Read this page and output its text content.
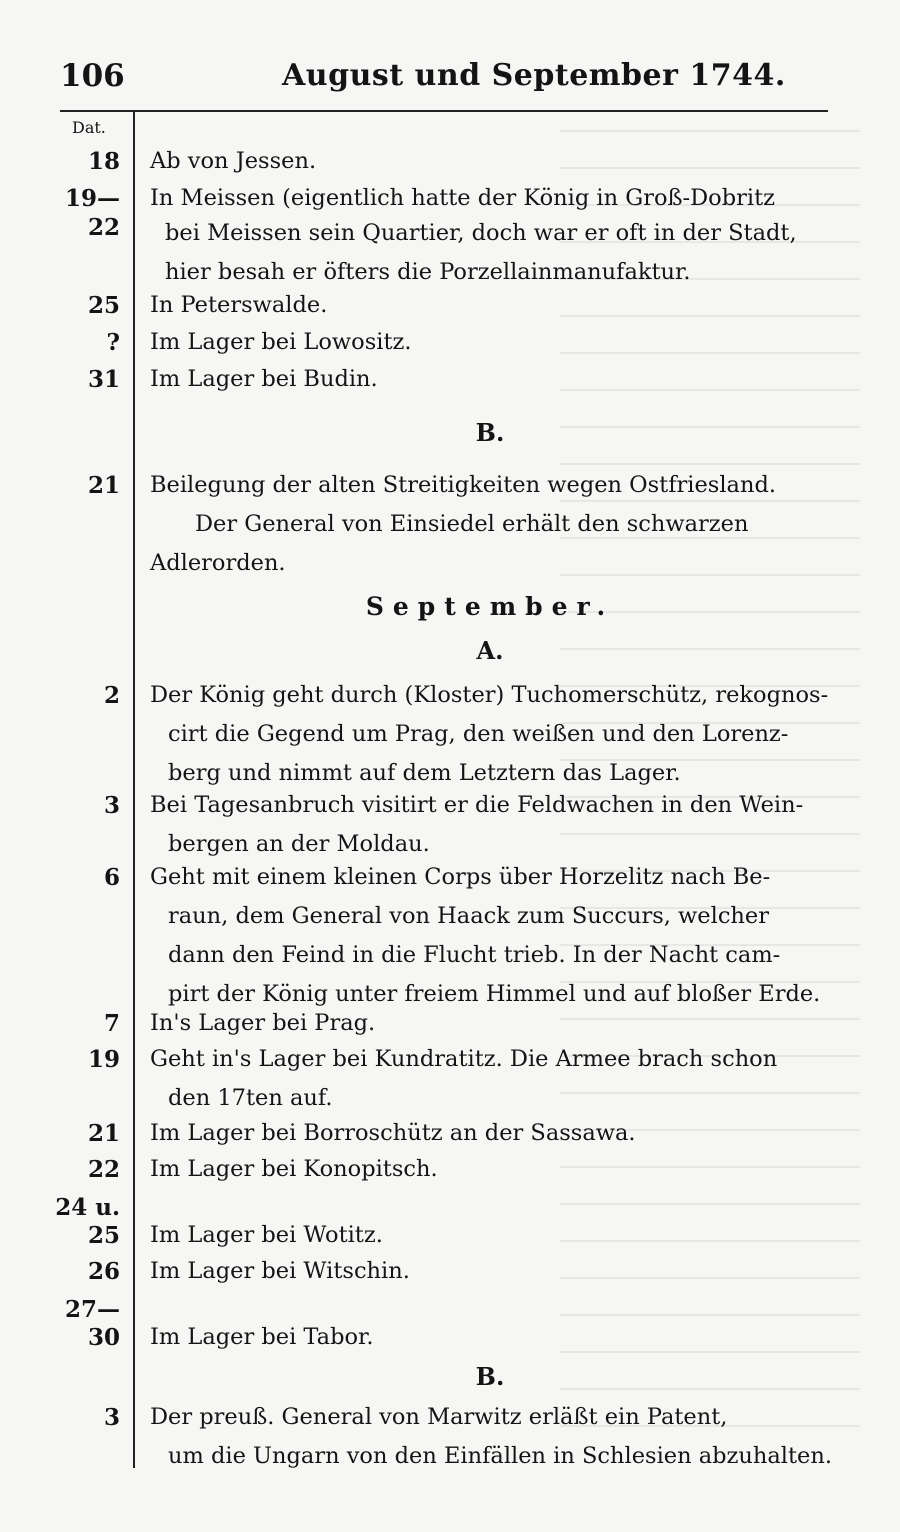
106	August und September 1744.
Dat.
18 Ab von Jessen.
19— In Meissen (eigentlich hatte der König in Groß-Dobritz
22 bei Meissen sein Quartier, doch war er oft in der Stadt,
hier besah er öfters die Porzellainmanufaktur.
25 In Peterswalde.
? Im Lager bei Lowositz.
31 Im Lager bei Budin.
B.
21 Beilegung der alten Streitigkeiten wegen Ostfriesland.
Der General von Einsiedel erhält den schwarzen
Adlerorden.
September.
A.
2 Der König geht durch (Kloster) Tuchomerschütz, rekognos-
cirt die Gegend um Prag, den weißen und den Lorenz-
berg und nimmt auf dem Letztern das Lager.
3 Bei Tagesanbruch visitirt er die Feldwachen in den Wein-
bergen an der Moldau.
6 Geht mit einem kleinen Corps über Horzelitz nach Be-
raun, dem General von Haack zum Succurs, welcher
dann den Feind in die Flucht trieb. In der Nacht cam-
pirt der König unter freiem Himmel und auf bloßer Erde.
7 In's Lager bei Prag.
19 Geht in's Lager bei Kundratitz. Die Armee brach schon
den 17ten auf.
21 Im Lager bei Borroschütz an der Sassawa.
22 Im Lager bei Konopitsch.
24 u.
25 Im Lager bei Wotitz.
26 Im Lager bei Witschin.
27—
30 Im Lager bei Tabor.
B.
3 Der preuß. General von Marwitz erläßt ein Patent,
um die Ungarn von den Einfällen in Schlesien abzuhalten.
